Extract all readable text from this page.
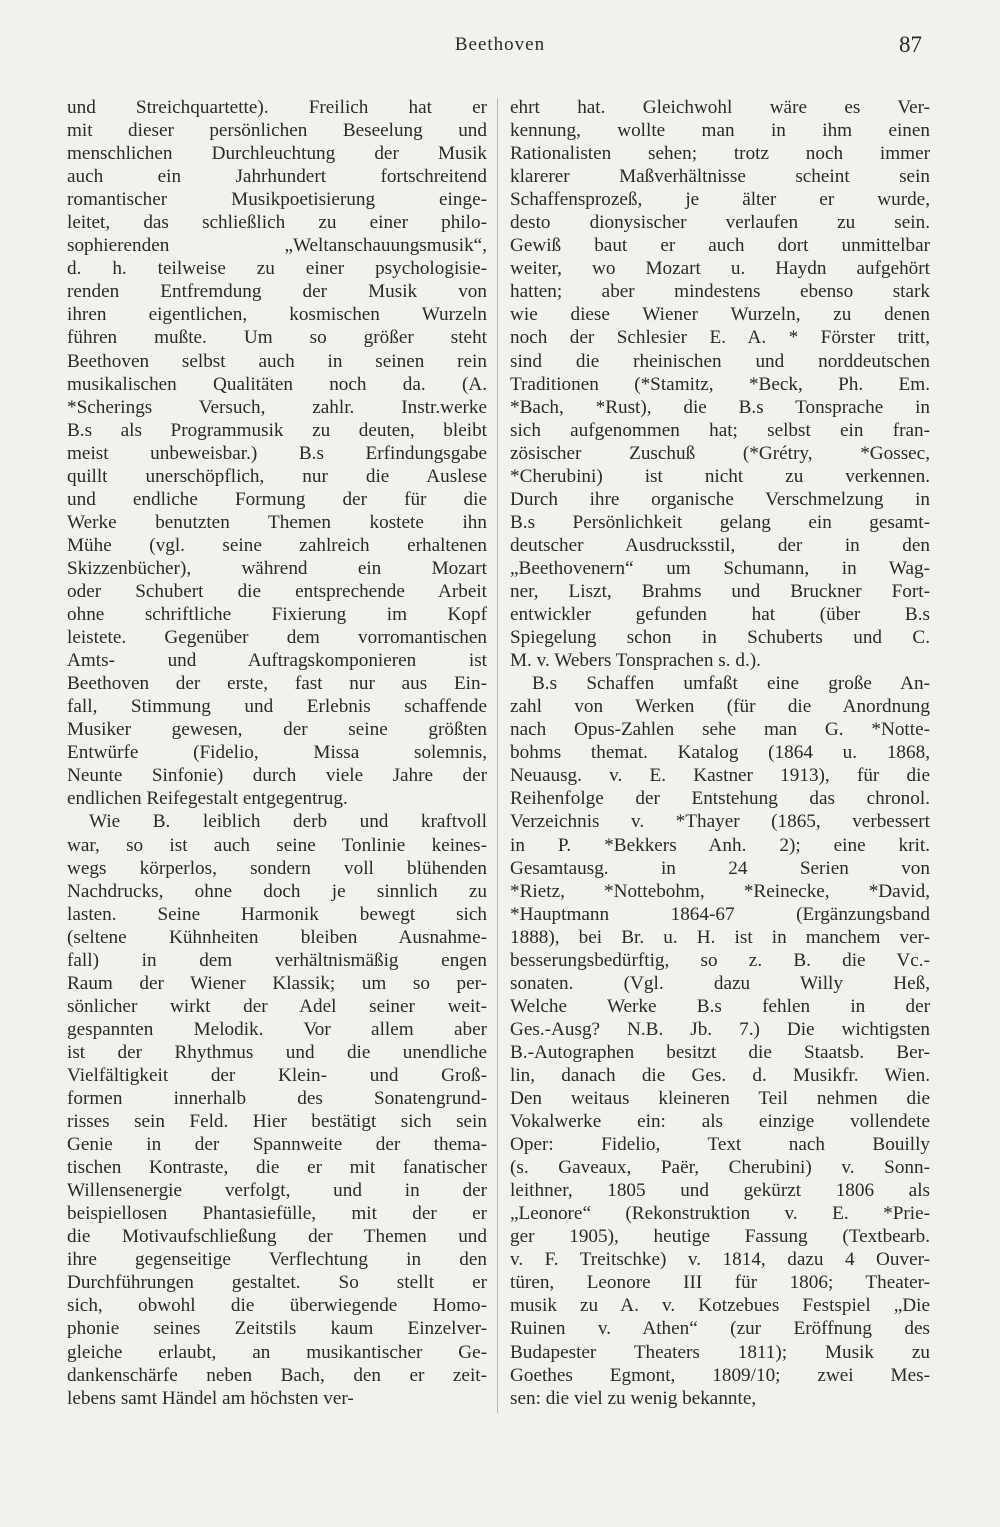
Beethoven	87
und Streichquartette). Freilich hat er
mit dieser persönlichen Beseelung und
menschlichen Durchleuchtung der Musik
auch ein Jahrhundert fortschreitend
romantischer Musikpoetisierung einge-
leitet, das schließlich zu einer philo-
sophierenden „Weltanschauungsmusik“,
d. h. teilweise zu einer psychologisie-
renden Entfremdung der Musik von
ihren eigentlichen, kosmischen Wurzeln
führen mußte. Um so größer steht
Beethoven selbst auch in seinen rein
musikalischen Qualitäten noch da. (A.
*Scherings Versuch, zahlr. Instr.werke
B.s als Programmusik zu deuten, bleibt
meist unbeweisbar.) B.s Erfindungsgabe
quillt unerschöpflich, nur die Auslese
und endliche Formung der für die
Werke benutzten Themen kostete ihn
Mühe (vgl. seine zahlreich erhaltenen
Skizzenbücher), während ein Mozart
oder Schubert die entsprechende Arbeit
ohne schriftliche Fixierung im Kopf
leistete. Gegenüber dem vorromantischen
Amts- und Auftragskomponieren ist
Beethoven der erste, fast nur aus Ein-
fall, Stimmung und Erlebnis schaffende
Musiker gewesen, der seine größten
Entwürfe (Fidelio, Missa solemnis,
Neunte Sinfonie) durch viele Jahre der
endlichen Reifegestalt entgegentrug.
Wie B. leiblich derb und kraftvoll
war, so ist auch seine Tonlinie keines-
wegs körperlos, sondern voll blühenden
Nachdrucks, ohne doch je sinnlich zu
lasten. Seine Harmonik bewegt sich
(seltene Kühnheiten bleiben Ausnahme-
fall) in dem verhältnismäßig engen
Raum der Wiener Klassik; um so per-
sönlicher wirkt der Adel seiner weit-
gespannten Melodik. Vor allem aber
ist der Rhythmus und die unendliche
Vielfältigkeit der Klein- und Groß-
formen innerhalb des Sonatengrund-
risses sein Feld. Hier bestätigt sich sein
Genie in der Spannweite der thema-
tischen Kontraste, die er mit fanatischer
Willensenergie verfolgt, und in der
beispiellosen Phantasiefülle, mit der er
die Motivaufschließung der Themen und
ihre gegenseitige Verflechtung in den
Durchführungen gestaltet. So stellt er
sich, obwohl die überwiegende Homo-
phonie seines Zeitstils kaum Einzelver-
gleiche erlaubt, an musikantischer Ge-
dankenschärfe neben Bach, den er zeit-
lebens samt Händel am höchsten ver-
ehrt hat. Gleichwohl wäre es Ver-
kennung, wollte man in ihm einen
Rationalisten sehen; trotz noch immer
klarerer Maßverhältnisse scheint sein
Schaffensprozeß, je älter er wurde,
desto dionysischer verlaufen zu sein.
Gewiß baut er auch dort unmittelbar
weiter, wo Mozart u. Haydn aufgehört
hatten; aber mindestens ebenso stark
wie diese Wiener Wurzeln, zu denen
noch der Schlesier E. A. * Förster tritt,
sind die rheinischen und norddeutschen
Traditionen (*Stamitz, *Beck, Ph. Em.
*Bach, *Rust), die B.s Tonsprache in
sich aufgenommen hat; selbst ein fran-
zösischer Zuschuß (*Grétry, *Gossec,
*Cherubini) ist nicht zu verkennen.
Durch ihre organische Verschmelzung in
B.s Persönlichkeit gelang ein gesamt-
deutscher Ausdrucksstil, der in den
„Beethovenern“ um Schumann, in Wag-
ner, Liszt, Brahms und Bruckner Fort-
entwickler gefunden hat (über B.s
Spiegelung schon in Schuberts und C.
M. v. Webers Tonsprachen s. d.).
B.s Schaffen umfaßt eine große An-
zahl von Werken (für die Anordnung
nach Opus-Zahlen sehe man G. *Notte-
bohms themat. Katalog (1864 u. 1868,
Neuausg. v. E. Kastner 1913), für die
Reihenfolge der Entstehung das chronol.
Verzeichnis v. *Thayer (1865, verbessert
in P. *Bekkers Anh. 2); eine krit.
Gesamtausg. in 24 Serien von
*Rietz, *Nottebohm, *Reinecke, *David,
*Hauptmann 1864-67 (Ergänzungsband
1888), bei Br. u. H. ist in manchem ver-
besserungsbedürftig, so z. B. die Vc.-
sonaten. (Vgl. dazu Willy Heß,
Welche Werke B.s fehlen in der
Ges.-Ausg? N.B. Jb. 7.) Die wichtigsten
B.-Autographen besitzt die Staatsb. Ber-
lin, danach die Ges. d. Musikfr. Wien.
Den weitaus kleineren Teil nehmen die
Vokalwerke ein: als einzige vollendete
Oper: Fidelio, Text nach Bouilly
(s. Gaveaux, Paër, Cherubini) v. Sonn-
leithner, 1805 und gekürzt 1806 als
„Leonore“ (Rekonstruktion v. E. *Prie-
ger 1905), heutige Fassung (Textbearb.
v. F. Treitschke) v. 1814, dazu 4 Ouver-
türen, Leonore III für 1806; Theater-
musik zu A. v. Kotzebues Festspiel „Die
Ruinen v. Athen“ (zur Eröffnung des
Budapester Theaters 1811); Musik zu
Goethes Egmont, 1809/10; zwei Mes-
sen: die viel zu wenig bekannte,
